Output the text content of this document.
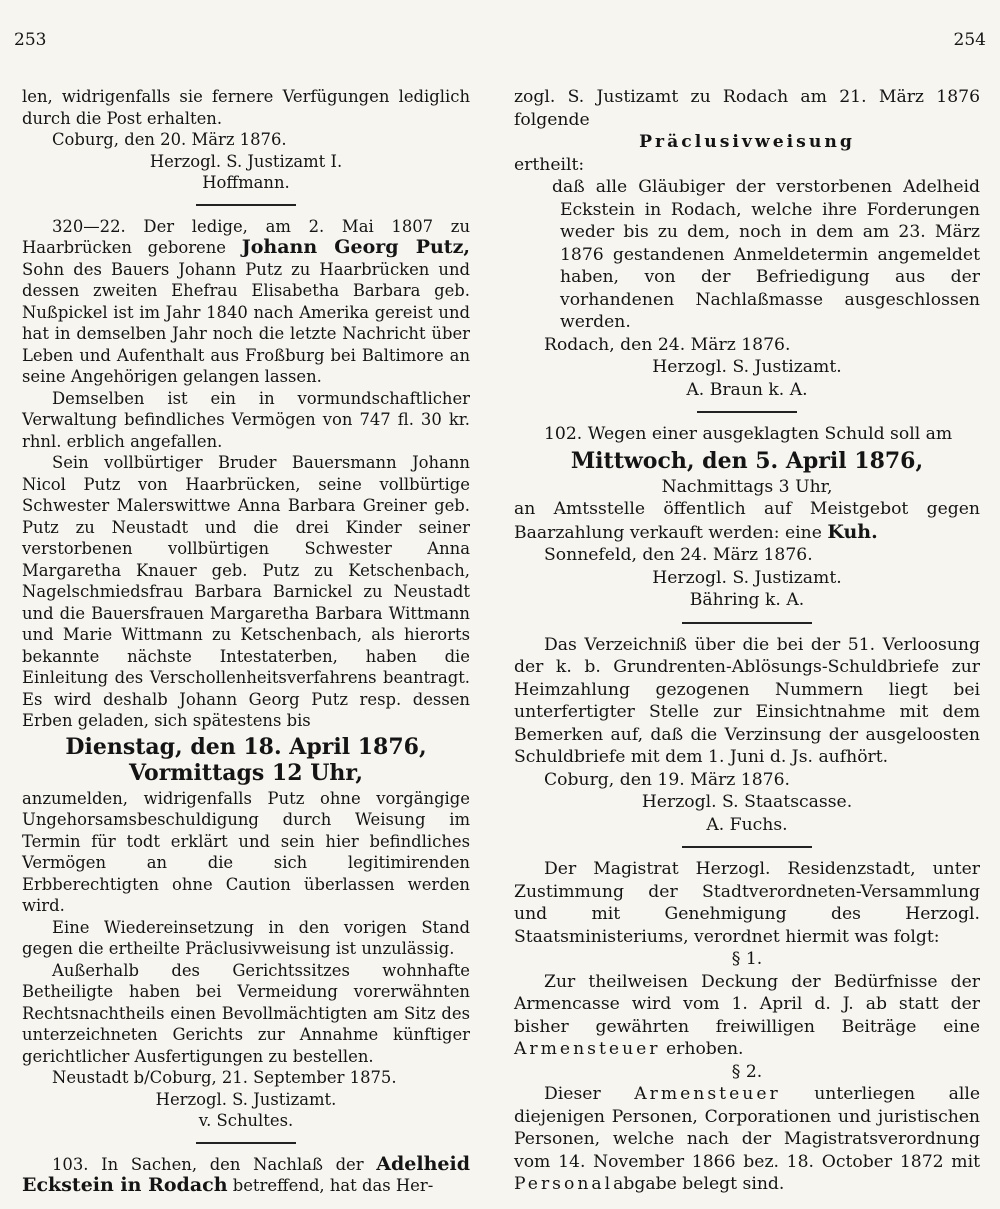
253	254

len, widrigenfalls sie fernere Verfügungen lediglich durch die Post erhalten.

Coburg, den 20. März 1876.

Herzogl. S. Justizamt I.

Hoffmann.

320—22. Der ledige, am 2. Mai 1807 zu Haarbrücken geborene Johann Georg Putz, Sohn des Bauers Johann Putz zu Haarbrücken und dessen zweiten Ehefrau Elisabetha Barbara geb. Nußpickel ist im Jahr 1840 nach Amerika gereist und hat in demselben Jahr noch die letzte Nachricht über Leben und Aufenthalt aus Froßburg bei Baltimore an seine Angehörigen gelangen lassen.

Demselben ist ein in vormundschaftlicher Verwaltung befindliches Vermögen von 747 fl. 30 kr. rhnl. erblich angefallen.

Sein vollbürtiger Bruder Bauersmann Johann Nicol Putz von Haarbrücken, seine vollbürtige Schwester Malerswittwe Anna Barbara Greiner geb. Putz zu Neustadt und die drei Kinder seiner verstorbenen vollbürtigen Schwester Anna Margaretha Knauer geb. Putz zu Ketschenbach, Nagelschmiedsfrau Barbara Barnickel zu Neustadt und die Bauersfrauen Margaretha Barbara Wittmann und Marie Wittmann zu Ketschenbach, als hierorts bekannte nächste Intestaterben, haben die Einleitung des Verschollenheitsverfahrens beantragt. Es wird deshalb Johann Georg Putz resp. dessen Erben geladen, sich spätestens bis

Dienstag, den 18. April 1876,

Vormittags 12 Uhr,

anzumelden, widrigenfalls Putz ohne vorgängige Ungehorsamsbeschuldigung durch Weisung im Termin für todt erklärt und sein hier befindliches Vermögen an die sich legitimirenden Erbberechtigten ohne Caution überlassen werden wird.

Eine Wiedereinsetzung in den vorigen Stand gegen die ertheilte Präclusivweisung ist unzulässig.

Außerhalb des Gerichtssitzes wohnhafte Betheiligte haben bei Vermeidung vorerwähnten Rechtsnachtheils einen Bevollmächtigten am Sitz des unterzeichneten Gerichts zur Annahme künftiger gerichtlicher Ausfertigungen zu bestellen.

Neustadt b/Coburg, 21. September 1875.

Herzogl. S. Justizamt.

v. Schultes.

103. In Sachen, den Nachlaß der Adelheid Eckstein in Rodach betreffend, hat das Her-

zogl. S. Justizamt zu Rodach am 21. März 1876 folgende

Präclusivweisung

ertheilt:

daß alle Gläubiger der verstorbenen Adelheid Eckstein in Rodach, welche ihre Forderungen weder bis zu dem, noch in dem am 23. März 1876 gestandenen Anmeldetermin angemeldet haben, von der Befriedigung aus der vorhandenen Nachlaßmasse ausgeschlossen werden.

Rodach, den 24. März 1876.

Herzogl. S. Justizamt.

A. Braun k. A.

102. Wegen einer ausgeklagten Schuld soll am

Mittwoch, den 5. April 1876,

Nachmittags 3 Uhr,

an Amtsstelle öffentlich auf Meistgebot gegen Baarzahlung verkauft werden: eine Kuh.

Sonnefeld, den 24. März 1876.

Herzogl. S. Justizamt.

Bähring k. A.

Das Verzeichniß über die bei der 51. Verloosung der k. b. Grundrenten-Ablösungs-Schuldbriefe zur Heimzahlung gezogenen Nummern liegt bei unterfertigter Stelle zur Einsichtnahme mit dem Bemerken auf, daß die Verzinsung der ausgeloosten Schuldbriefe mit dem 1. Juni d. Js. aufhört.

Coburg, den 19. März 1876.

Herzogl. S. Staatscasse.

A. Fuchs.

Der Magistrat Herzogl. Residenzstadt, unter Zustimmung der Stadtverordneten-Versammlung und mit Genehmigung des Herzogl. Staatsministeriums, verordnet hiermit was folgt:

§ 1.

Zur theilweisen Deckung der Bedürfnisse der Armencasse wird vom 1. April d. J. ab statt der bisher gewährten freiwilligen Beiträge eine Armensteuer erhoben.

§ 2.

Dieser Armensteuer unterliegen alle diejenigen Personen, Corporationen und juristischen Personen, welche nach der Magistratsverordnung vom 14. November 1866 bez. 18. October 1872 mit Personalabgabe belegt sind.
